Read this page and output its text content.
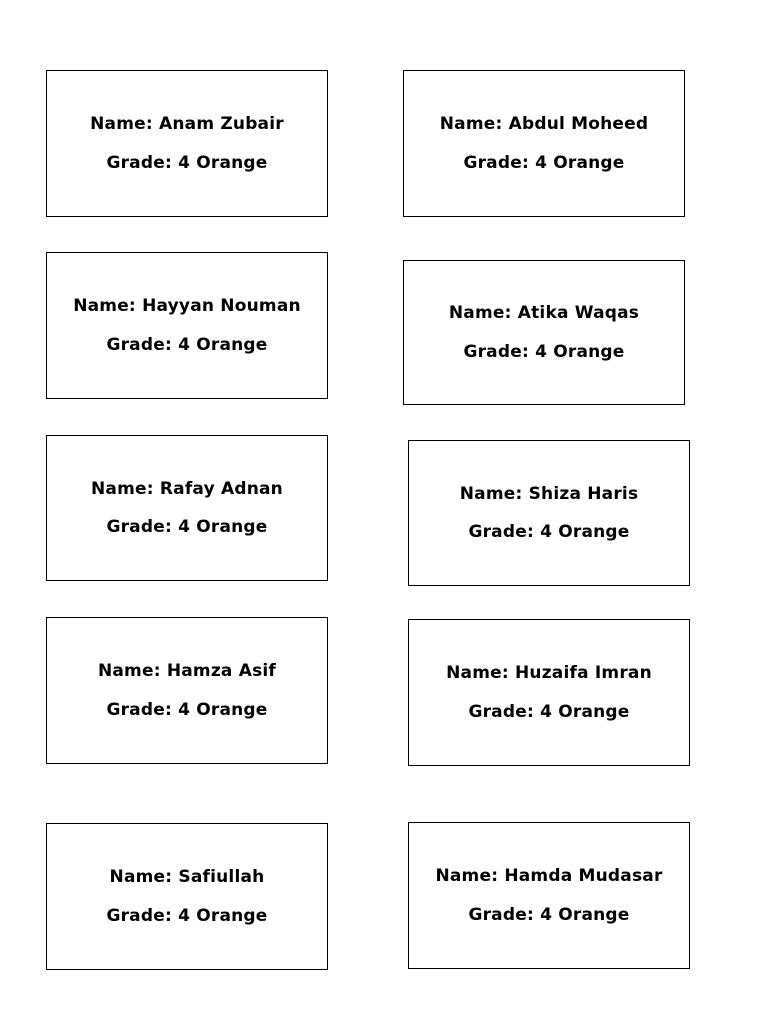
Name: Anam Zubair
Grade: 4 Orange
Name: Abdul Moheed
Grade: 4 Orange
Name: Hayyan Nouman
Grade: 4 Orange
Name: Atika Waqas
Grade: 4 Orange
Name: Rafay Adnan
Grade: 4 Orange
Name: Shiza Haris
Grade: 4 Orange
Name: Hamza Asif
Grade: 4 Orange
Name: Huzaifa Imran
Grade: 4 Orange
Name: Safiullah
Grade: 4 Orange
Name: Hamda Mudasar
Grade: 4 Orange
